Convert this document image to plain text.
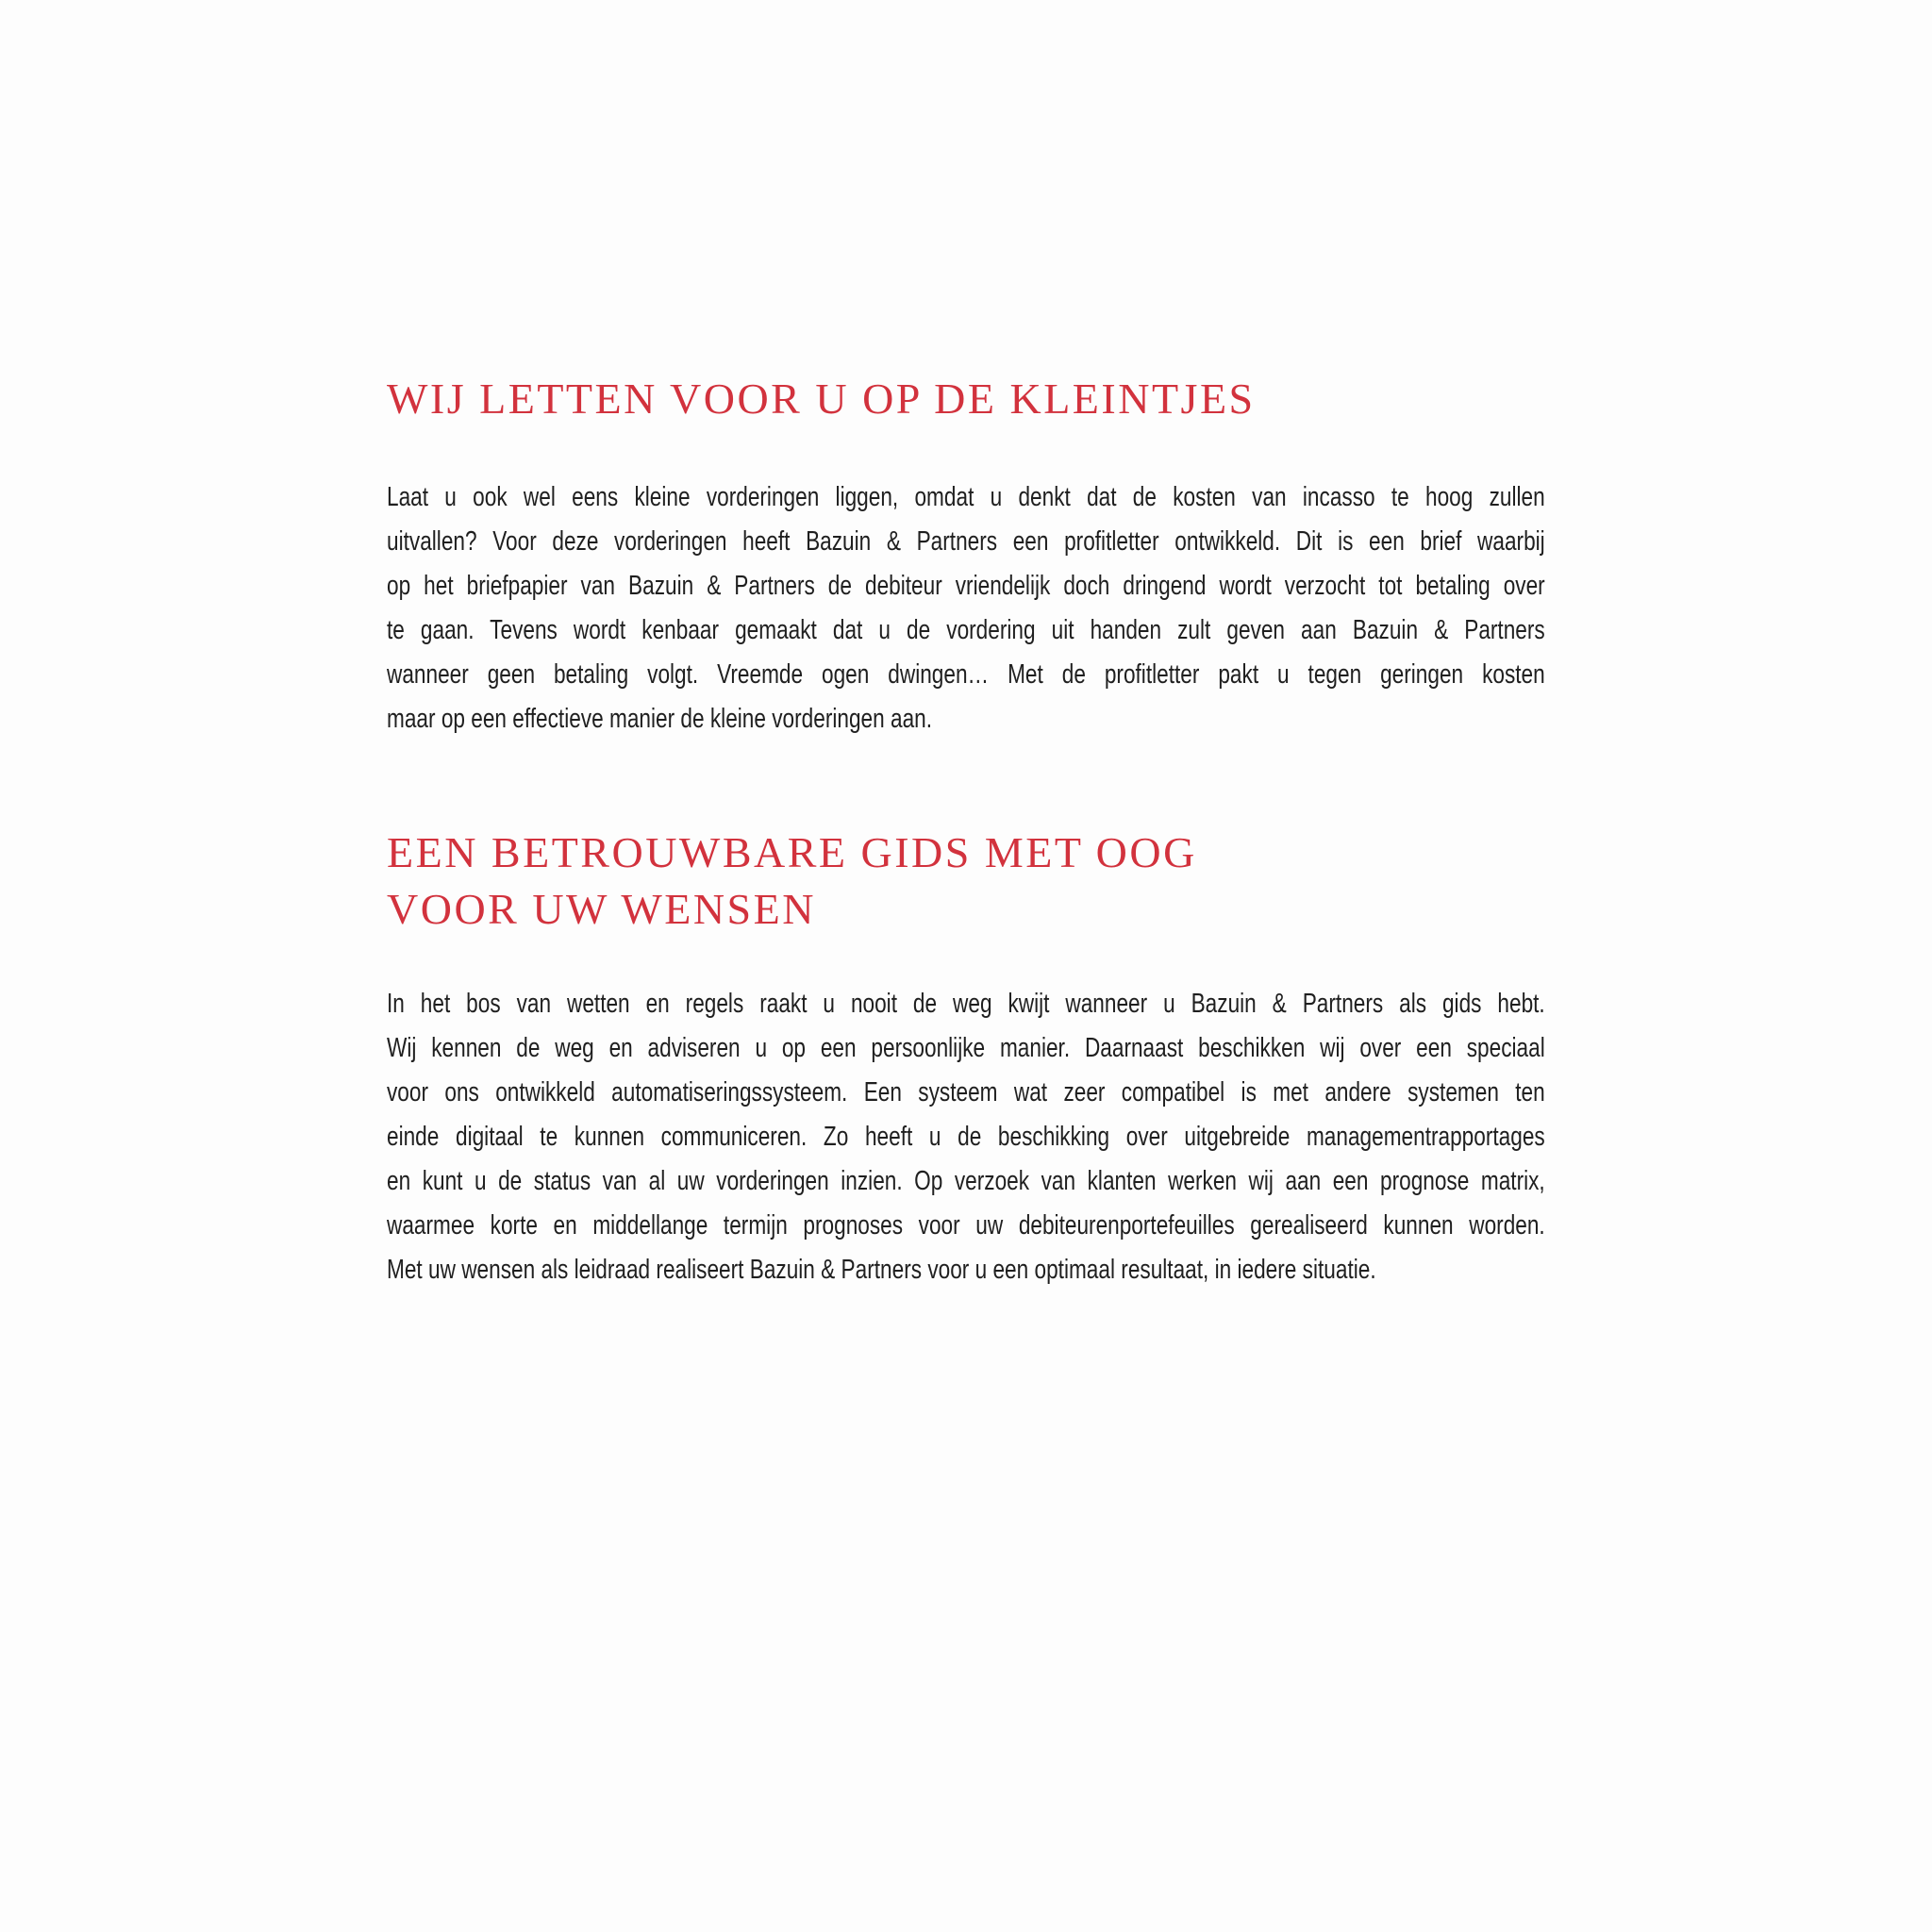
WIJ LETTEN VOOR U OP DE KLEINTJES
Laat u ook wel eens kleine vorderingen liggen, omdat u denkt dat de kosten van incasso te hoog zullen
uitvallen? Voor deze vorderingen heeft Bazuin & Partners een profitletter ontwikkeld. Dit is een brief waarbij
op het briefpapier van Bazuin & Partners de debiteur vriendelijk doch dringend wordt verzocht tot betaling over
te gaan. Tevens wordt kenbaar gemaakt dat u de vordering uit handen zult geven aan Bazuin & Partners
wanneer geen betaling volgt. Vreemde ogen dwingen… Met de profitletter pakt u tegen geringen kosten
maar op een effectieve manier de kleine vorderingen aan.
EEN BETROUWBARE GIDS MET OOG
VOOR UW WENSEN
In het bos van wetten en regels raakt u nooit de weg kwijt wanneer u Bazuin & Partners als gids hebt.
Wij kennen de weg en adviseren u op een persoonlijke manier. Daarnaast beschikken wij over een speciaal
voor ons ontwikkeld automatiseringssysteem. Een systeem wat zeer compatibel is met andere systemen ten
einde digitaal te kunnen communiceren. Zo heeft u de beschikking over uitgebreide managementrapportages
en kunt u de status van al uw vorderingen inzien. Op verzoek van klanten werken wij aan een prognose matrix,
waarmee korte en middellange termijn prognoses voor uw debiteurenportefeuilles gerealiseerd kunnen worden.
Met uw wensen als leidraad realiseert Bazuin & Partners voor u een optimaal resultaat, in iedere situatie.
